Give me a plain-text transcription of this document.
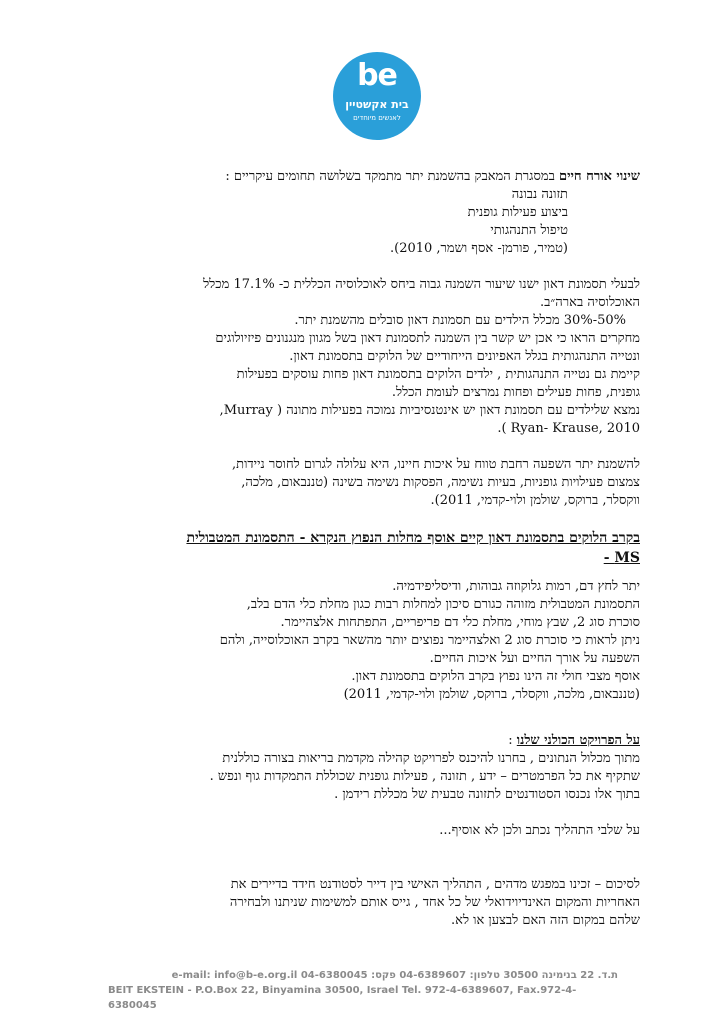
be
בית אקשטיין
לאנשים מיוחדים

שינוי אורח חיים במסגרת המאבק בהשמנת יתר מתמקד בשלושה תחומים עיקריים :

תזונה נבונה

ביצוע פעילות גופנית

טיפול התנהגותי

(טמיר, פורמן- אסף ושמר, 2010).

לבעלי תסמונת דאון ישנו שיעור השמנה גבוה ביחס לאוכלוסיה הכללית כ- 17.1% מכלל

האוכלוסיה בארה״ב.

50%-30% מכלל הילדים עם תסמונת דאון סובלים מהשמנת יתר.

מחקרים הראו כי אכן יש קשר בין השמנה לתסמונת דאון בשל מגוון מנגנונים פיזיולוגים

ונטייה התנהגותית בגלל האפיונים הייחודיים של הלוקים בתסמונת דאון.

קיימת גם נטייה התנהגותית , ילדים הלוקים בתסמונת דאון פחות עוסקים בפעילות

גופנית, פחות פעילים ופחות נמרצים לעומת הכלל.

נמצא שלילדים עם תסמונת דאון יש אינטנסיביות נמוכה בפעילות מתונה ( Murray,

Ryan- Krause, 2010 ).

להשמנת יתר השפעה רחבת טווח על איכות חיינו, היא עלולה לגרום לחוסר ניידות,

צמצום פעילויות גופניות, בעיות נשימה, הפסקות נשימה בשינה (טננבאום, מלכה,

ווקסלר, ברוקס, שולמן ולוי-קדמי, 2011).

בקרב הלוקים בתסמונת דאון קיים אוסף מחלות הנפוץ הנקרא - התסמונת המטבולית

MS -

יתר לחץ דם, רמות גלוקוזה גבוהות, ודיסליפידמיה.

התסמונת המטבולית מזוהה כגורם סיכון למחלות רבות כגון מחלת כלי הדם בלב,

סוכרת סוג 2, שבץ מוחי, מחלת כלי דם פריפריים, התפתחות אלצהיימר.

ניתן לראות כי סוכרת סוג 2 ואלצהיימר נפוצים יותר מהשאר בקרב האוכלוסייה, ולהם

השפעה על אורך החיים ועל איכות החיים.

אוסף מצבי חולי זה הינו נפוץ בקרב הלוקים בתסמונת דאון.

(טננבאום, מלכה, ווקסלר, ברוקס, שולמן ולוי-קדמי, 2011)

על הפרויקט הכולני שלנו :

מתוך מכלול הנתונים , בחרנו להיכנס לפרויקט קהילה מקדמת בריאות בצורה כוללנית

שתקיף את כל הפרמטרים – ידע , תזונה , פעילות גופנית שכוללת התמקדות גוף ונפש .

בתוך אלו נכנסו הסטודנטים לתזונה טבעית של מכללת רידמן .

על שלבי התהליך נכתב ולכן לא אוסיף...

לסיכום – זכינו במפגש מדהים , התהליך האישי בין דייר לסטודנט חידד בדיירים את

האחריות והמקום האינדיוידואלי של כל אחד , גייס אותם למשימות שניתנו ולבחירה

שלהם במקום הזה האם לבצען או לא.

ת.ד. 22 בנימינה 30500 טלפון: 04-6389607 פקס: 04-6380045 e-mail: info@b-e.org.il
BEIT EKSTEIN - P.O.Box 22, Binyamina 30500, Israel Tel. 972-4-6389607, Fax.972-4-6380045
